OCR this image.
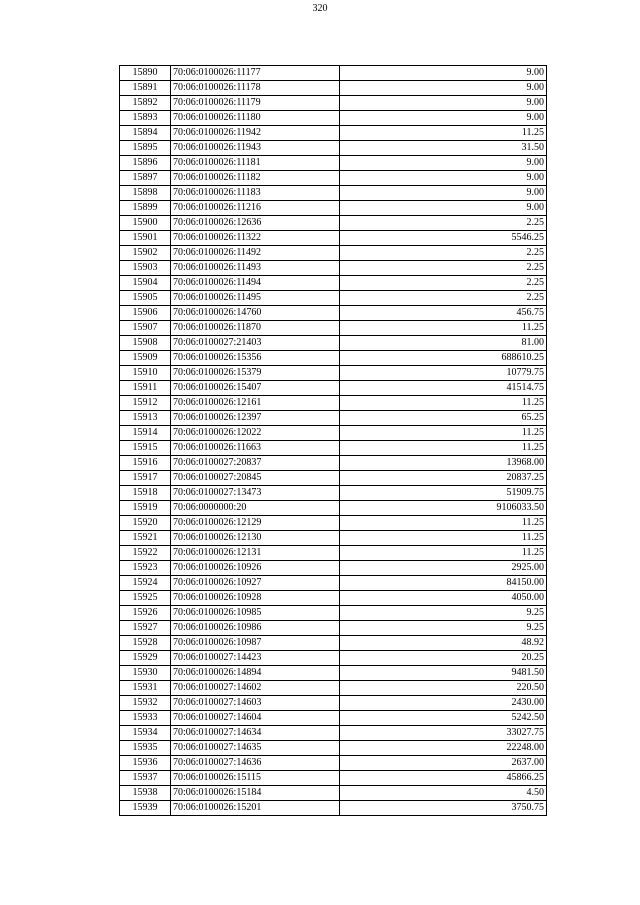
320
15890	70:06:0100026:11177	9.00
15891	70:06:0100026:11178	9.00
15892	70:06:0100026:11179	9.00
15893	70:06:0100026:11180	9.00
15894	70:06:0100026:11942	11.25
15895	70:06:0100026:11943	31.50
15896	70:06:0100026:11181	9.00
15897	70:06:0100026:11182	9.00
15898	70:06:0100026:11183	9.00
15899	70:06:0100026:11216	9.00
15900	70:06:0100026:12636	2.25
15901	70:06:0100026:11322	5546.25
15902	70:06:0100026:11492	2.25
15903	70:06:0100026:11493	2.25
15904	70:06:0100026:11494	2.25
15905	70:06:0100026:11495	2.25
15906	70:06:0100026:14760	456.75
15907	70:06:0100026:11870	11.25
15908	70:06:0100027:21403	81.00
15909	70:06:0100026:15356	688610.25
15910	70:06:0100026:15379	10779.75
15911	70:06:0100026:15407	41514.75
15912	70:06:0100026:12161	11.25
15913	70:06:0100026:12397	65.25
15914	70:06:0100026:12022	11.25
15915	70:06:0100026:11663	11.25
15916	70:06:0100027:20837	13968.00
15917	70:06:0100027:20845	20837.25
15918	70:06:0100027:13473	51909.75
15919	70:06:0000000:20	9106033.50
15920	70:06:0100026:12129	11.25
15921	70:06:0100026:12130	11.25
15922	70:06:0100026:12131	11.25
15923	70:06:0100026:10926	2925.00
15924	70:06:0100026:10927	84150.00
15925	70:06:0100026:10928	4050.00
15926	70:06:0100026:10985	9.25
15927	70:06:0100026:10986	9.25
15928	70:06:0100026:10987	48.92
15929	70:06:0100027:14423	20.25
15930	70:06:0100026:14894	9481.50
15931	70:06:0100027:14602	220.50
15932	70:06:0100027:14603	2430.00
15933	70:06:0100027:14604	5242.50
15934	70:06:0100027:14634	33027.75
15935	70:06:0100027:14635	22248.00
15936	70:06:0100027:14636	2637.00
15937	70:06:0100026:15115	45866.25
15938	70:06:0100026:15184	4.50
15939	70:06:0100026:15201	3750.75
